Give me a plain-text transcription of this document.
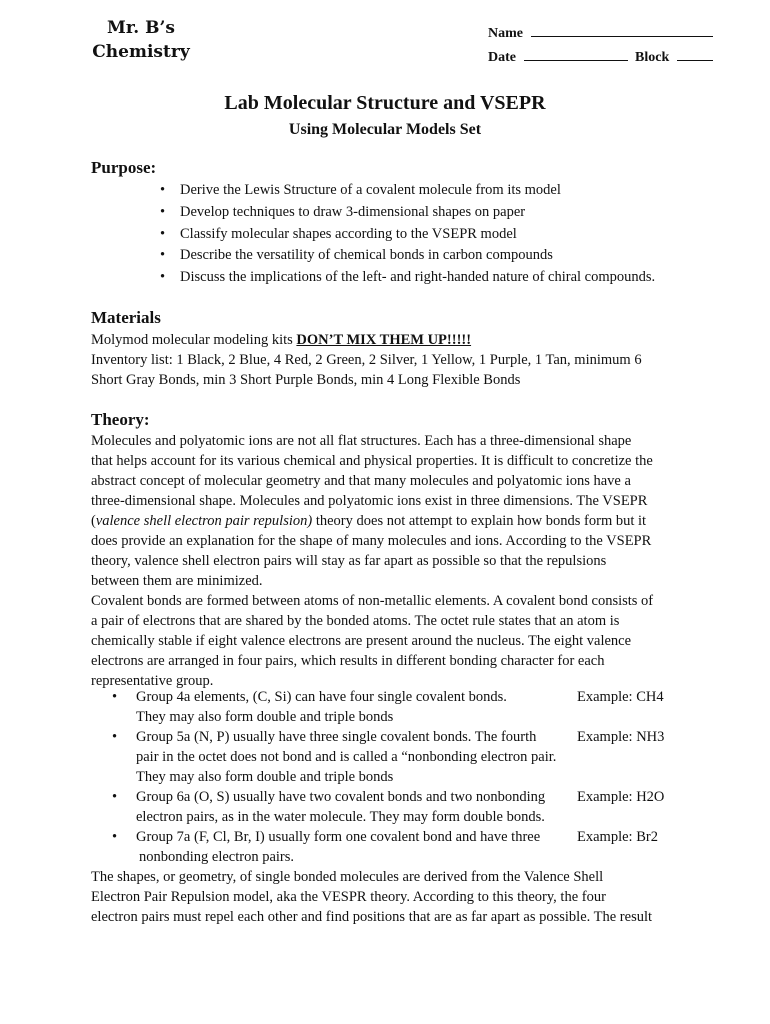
Mr. B’s
Chemistry
Name
Date	Block
Lab Molecular Structure and VSEPR
Using Molecular Models Set
Purpose:
• Derive the Lewis Structure of a covalent molecule from its model
• Develop techniques to draw 3-dimensional shapes on paper
• Classify molecular shapes according to the VSEPR model
• Describe the versatility of chemical bonds in carbon compounds
• Discuss the implications of the left- and right-handed nature of chiral compounds.
Materials
Molymod molecular modeling kits DON’T MIX THEM UP!!!!!
Inventory list: 1 Black, 2 Blue, 4 Red, 2 Green, 2 Silver, 1 Yellow, 1 Purple, 1 Tan, minimum 6
Short Gray Bonds, min 3 Short Purple Bonds, min 4 Long Flexible Bonds
Theory:
Molecules and polyatomic ions are not all flat structures. Each has a three-dimensional shape
that helps account for its various chemical and physical properties. It is difficult to concretize the
abstract concept of molecular geometry and that many molecules and polyatomic ions have a
three-dimensional shape. Molecules and polyatomic ions exist in three dimensions. The VSEPR
(valence shell electron pair repulsion) theory does not attempt to explain how bonds form but it
does provide an explanation for the shape of many molecules and ions. According to the VSEPR
theory, valence shell electron pairs will stay as far apart as possible so that the repulsions
between them are minimized.
Covalent bonds are formed between atoms of non-metallic elements. A covalent bond consists of
a pair of electrons that are shared by the bonded atoms. The octet rule states that an atom is
chemically stable if eight valence electrons are present around the nucleus. The eight valence
electrons are arranged in four pairs, which results in different bonding character for each
representative group.
• Group 4a elements, (C, Si) can have four single covalent bonds.
They may also form double and triple bonds
Example: CH4
• Group 5a (N, P) usually have three single covalent bonds. The fourth
pair in the octet does not bond and is called a “nonbonding electron pair.
They may also form double and triple bonds
Example: NH3
• Group 6a (O, S) usually have two covalent bonds and two nonbonding
electron pairs, as in the water molecule. They may form double bonds.
Example: H2O
• Group 7a (F, Cl, Br, I) usually form one covalent bond and have three
nonbonding electron pairs.
Example: Br2
The shapes, or geometry, of single bonded molecules are derived from the Valence Shell
Electron Pair Repulsion model, aka the VESPR theory. According to this theory, the four
electron pairs must repel each other and find positions that are as far apart as possible. The result
